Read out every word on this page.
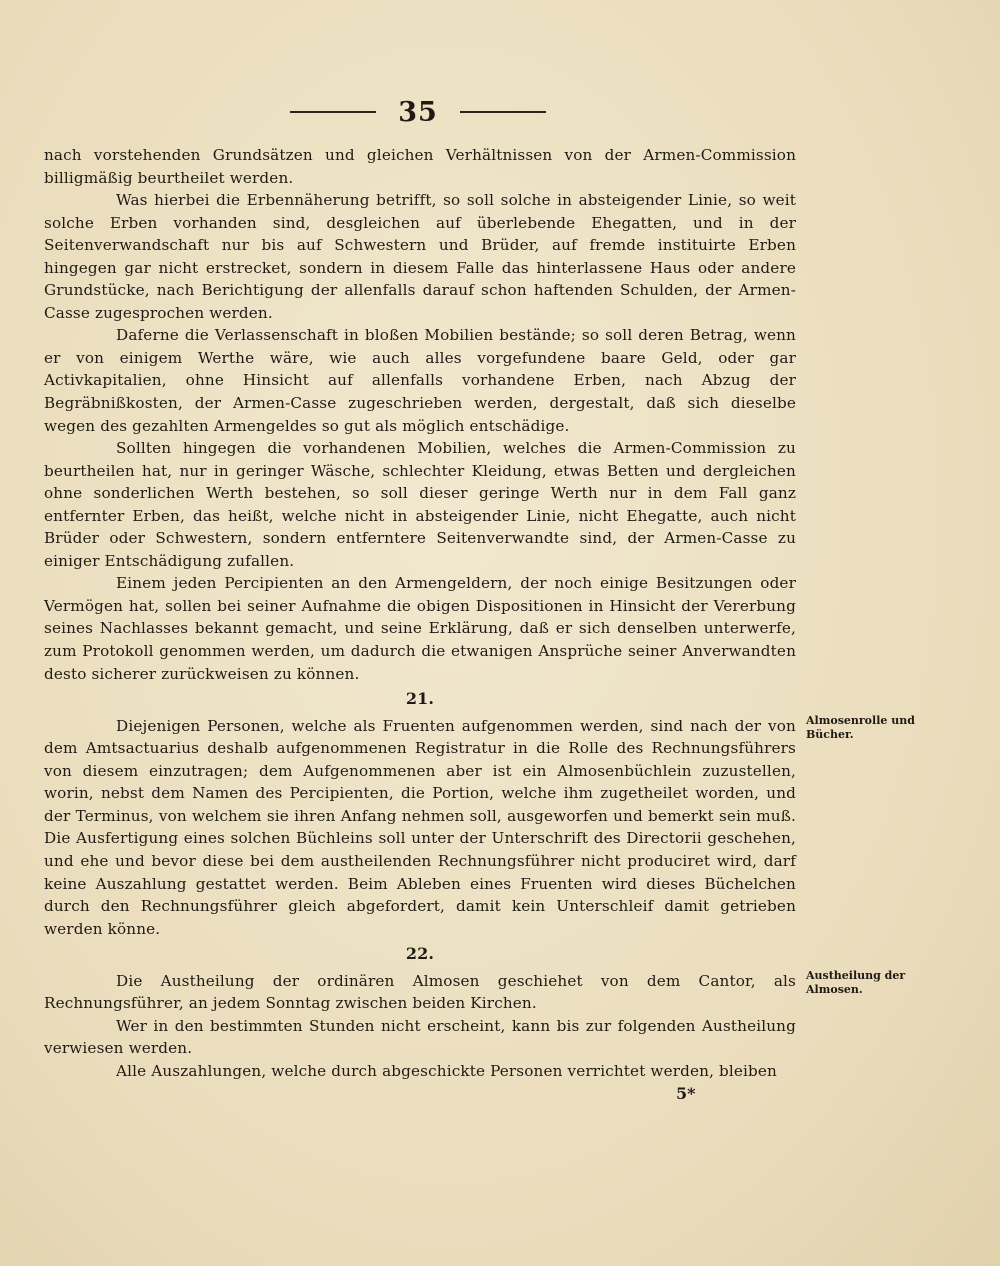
35

nach vorstehenden Grundsätzen und gleichen Verhältnissen von der Armen-Commission billigmäßig beurtheilet werden.

Was hierbei die Erbennäherung betrifft, so soll solche in absteigender Linie, so weit solche Erben vorhanden sind, desgleichen auf überlebende Ehegatten, und in der Seitenverwandschaft nur bis auf Schwestern und Brüder, auf fremde instituirte Erben hingegen gar nicht erstrecket, sondern in diesem Falle das hinterlassene Haus oder andere Grundstücke, nach Berichtigung der allenfalls darauf schon haftenden Schulden, der Armen-Casse zugesprochen werden.

Daferne die Verlassenschaft in bloßen Mobilien bestände; so soll deren Betrag, wenn er von einigem Werthe wäre, wie auch alles vorgefundene baare Geld, oder gar Activkapitalien, ohne Hinsicht auf allenfalls vorhandene Erben, nach Abzug der Begräbnißkosten, der Armen-Casse zugeschrieben werden, dergestalt, daß sich dieselbe wegen des gezahlten Armengeldes so gut als möglich entschädige.

Sollten hingegen die vorhandenen Mobilien, welches die Armen-Commission zu beurtheilen hat, nur in geringer Wäsche, schlechter Kleidung, etwas Betten und dergleichen ohne sonderlichen Werth bestehen, so soll dieser geringe Werth nur in dem Fall ganz entfernter Erben, das heißt, welche nicht in absteigender Linie, nicht Ehegatte, auch nicht Brüder oder Schwestern, sondern entferntere Seitenverwandte sind, der Armen-Casse zu einiger Entschädigung zufallen.

Einem jeden Percipienten an den Armengeldern, der noch einige Besitzungen oder Vermögen hat, sollen bei seiner Aufnahme die obigen Dispositionen in Hinsicht der Vererbung seines Nachlasses bekannt gemacht, und seine Erklärung, daß er sich denselben unterwerfe, zum Protokoll genommen werden, um dadurch die etwanigen Ansprüche seiner Anverwandten desto sicherer zurückweisen zu können.

21.

Diejenigen Personen, welche als Fruenten aufgenommen werden, sind nach der von dem Amtsactuarius deshalb aufgenommenen Registratur in die Rolle des Rechnungsführers von diesem einzutragen; dem Aufgenommenen aber ist ein Almosenbüchlein zuzustellen, worin, nebst dem Namen des Percipienten, die Portion, welche ihm zugetheilet worden, und der Terminus, von welchem sie ihren Anfang nehmen soll, ausgeworfen und bemerkt sein muß. Die Ausfertigung eines solchen Büchleins soll unter der Unterschrift des Directorii geschehen, und ehe und bevor diese bei dem austheilenden Rechnungsführer nicht produciret wird, darf keine Auszahlung gestattet werden. Beim Ableben eines Fruenten wird dieses Büchelchen durch den Rechnungsführer gleich abgefordert, damit kein Unterschleif damit getrieben werden könne.

22.

Die Austheilung der ordinären Almosen geschiehet von dem Cantor, als Rechnungsführer, an jedem Sonntag zwischen beiden Kirchen.

Wer in den bestimmten Stunden nicht erscheint, kann bis zur folgenden Austheilung verwiesen werden.

Alle Auszahlungen, welche durch abgeschickte Personen verrichtet werden, bleiben

Almosenrolle und Bücher.
Austheilung der Almosen.
5*
